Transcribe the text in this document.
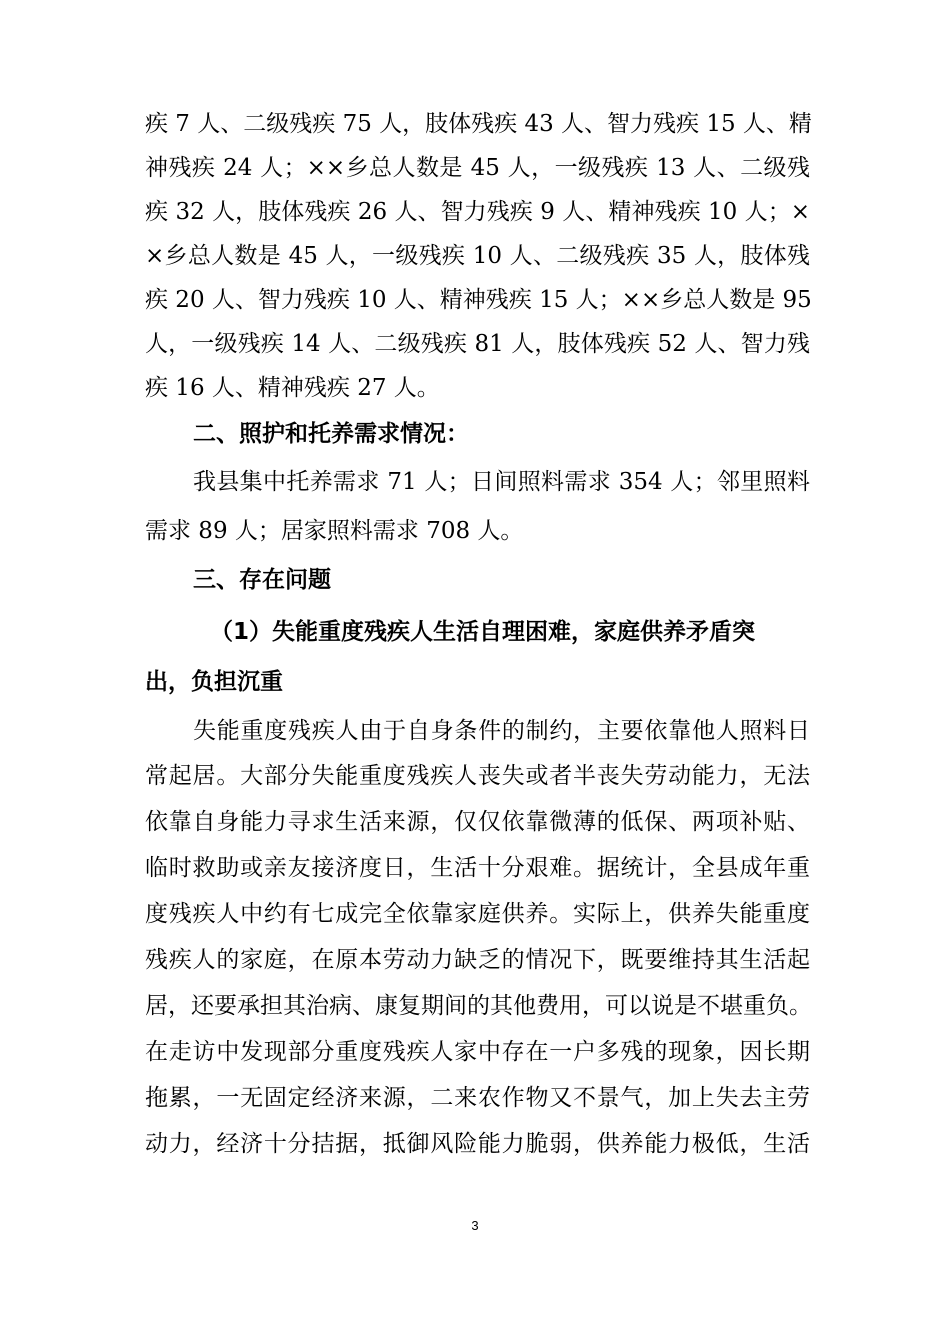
疾 7 人、二级残疾 75 人，肢体残疾 43 人、智力残疾 15 人、精
神残疾 24 人；××乡总人数是 45 人，一级残疾 13 人、二级残
疾 32 人，肢体残疾 26 人、智力残疾 9 人、精神残疾 10 人；×
×乡总人数是 45 人，一级残疾 10 人、二级残疾 35 人，肢体残
疾 20 人、智力残疾 10 人、精神残疾 15 人；××乡总人数是 95
人，一级残疾 14 人、二级残疾 81 人，肢体残疾 52 人、智力残
疾 16 人、精神残疾 27 人。
二、照护和托养需求情况：
我县集中托养需求 71 人；日间照料需求 354 人；邻里照料
需求 89 人；居家照料需求 708 人。
三、存在问题
（1）失能重度残疾人生活自理困难，家庭供养矛盾突
出，负担沉重
失能重度残疾人由于自身条件的制约，主要依靠他人照料日
常起居。大部分失能重度残疾人丧失或者半丧失劳动能力，无法
依靠自身能力寻求生活来源，仅仅依靠微薄的低保、两项补贴、
临时救助或亲友接济度日，生活十分艰难。据统计，全县成年重
度残疾人中约有七成完全依靠家庭供养。实际上，供养失能重度
残疾人的家庭，在原本劳动力缺乏的情况下，既要维持其生活起
居，还要承担其治病、康复期间的其他费用，可以说是不堪重负。
在走访中发现部分重度残疾人家中存在一户多残的现象，因长期
拖累，一无固定经济来源，二来农作物又不景气，加上失去主劳
动力，经济十分拮据，抵御风险能力脆弱，供养能力极低，生活
3
